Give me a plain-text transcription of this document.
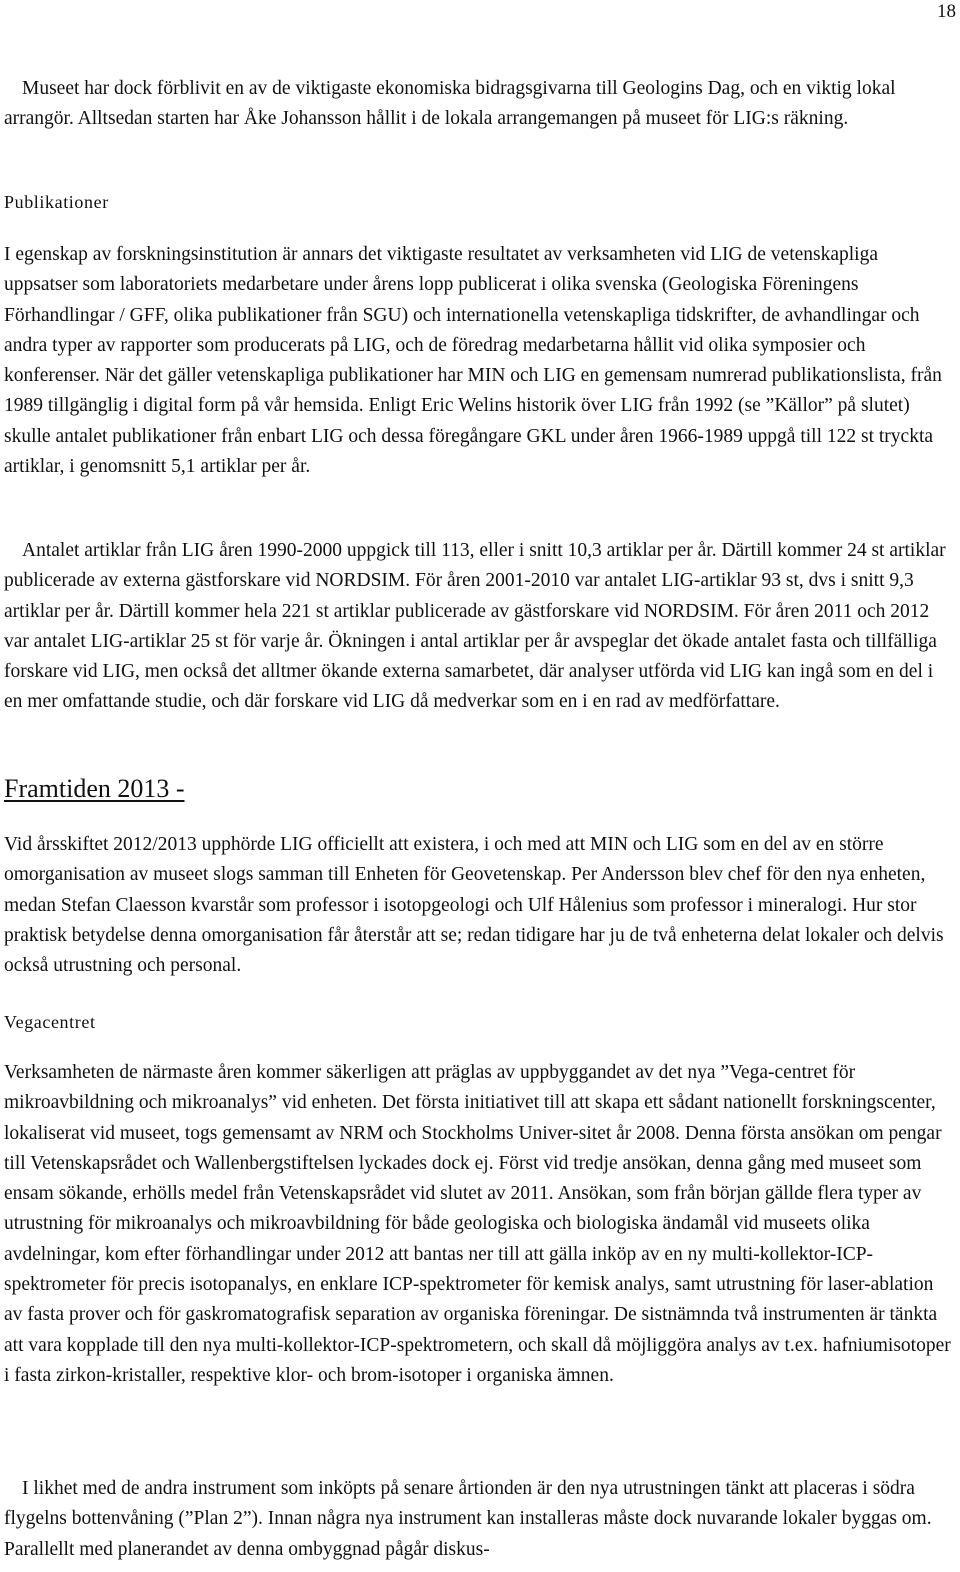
18

Museet har dock förblivit en av de viktigaste ekonomiska bidragsgivarna till Geologins Dag, och en viktig lokal arrangör. Alltsedan starten har Åke Johansson hållit i de lokala arrangemangen på museet för LIG:s räkning.

Publikationer

I egenskap av forskningsinstitution är annars det viktigaste resultatet av verksamheten vid LIG de vetenskapliga uppsatser som laboratoriets medarbetare under årens lopp publicerat i olika svenska (Geologiska Föreningens Förhandlingar / GFF, olika publikationer från SGU) och internationella vetenskapliga tidskrifter, de avhandlingar och andra typer av rapporter som producerats på LIG, och de föredrag medarbetarna hållit vid olika symposier och konferenser. När det gäller vetenskapliga publikationer har MIN och LIG en gemensam numrerad publikationslista, från 1989 tillgänglig i digital form på vår hemsida. Enligt Eric Welins historik över LIG från 1992 (se ”Källor” på slutet) skulle antalet publikationer från enbart LIG och dessa föregångare GKL under åren 1966-1989 uppgå till 122 st tryckta artiklar, i genomsnitt 5,1 artiklar per år.

Antalet artiklar från LIG åren 1990-2000 uppgick till 113, eller i snitt 10,3 artiklar per år. Därtill kommer 24 st artiklar publicerade av externa gästforskare vid NORDSIM. För åren 2001-2010 var antalet LIG-artiklar 93 st, dvs i snitt 9,3 artiklar per år. Därtill kommer hela 221 st artiklar publicerade av gästforskare vid NORDSIM. För åren 2011 och 2012 var antalet LIG-artiklar 25 st för varje år. Ökningen i antal artiklar per år avspeglar det ökade antalet fasta och tillfälliga forskare vid LIG, men också det alltmer ökande externa samarbetet, där analyser utförda vid LIG kan ingå som en del i en mer omfattande studie, och där forskare vid LIG då medverkar som en i en rad av medförfattare.

Framtiden 2013 -

Vid årsskiftet 2012/2013 upphörde LIG officiellt att existera, i och med att MIN och LIG som en del av en större omorganisation av museet slogs samman till Enheten för Geovetenskap. Per Andersson blev chef för den nya enheten, medan Stefan Claesson kvarstår som professor i isotopgeologi och Ulf Hålenius som professor i mineralogi. Hur stor praktisk betydelse denna omorganisation får återstår att se; redan tidigare har ju de två enheterna delat lokaler och delvis också utrustning och personal.

Vegacentret

Verksamheten de närmaste åren kommer säkerligen att präglas av uppbyggandet av det nya ”Vega-centret för mikroavbildning och mikroanalys” vid enheten. Det första initiativet till att skapa ett sådant nationellt forskningscenter, lokaliserat vid museet, togs gemensamt av NRM och Stockholms Univer-sitet år 2008. Denna första ansökan om pengar till Vetenskapsrådet och Wallenbergstiftelsen lyckades dock ej. Först vid tredje ansökan, denna gång med museet som ensam sökande, erhölls medel från Vetenskapsrådet vid slutet av 2011. Ansökan, som från början gällde flera typer av utrustning för mikroanalys och mikroavbildning för både geologiska och biologiska ändamål vid museets olika avdelningar, kom efter förhandlingar under 2012 att bantas ner till att gälla inköp av en ny multi-kollektor-ICP-spektrometer för precis isotopanalys, en enklare ICP-spektrometer för kemisk analys, samt utrustning för laser-ablation av fasta prover och för gaskromatografisk separation av organiska föreningar. De sistnämnda två instrumenten är tänkta att vara kopplade till den nya multi-kollektor-ICP-spektrometern, och skall då möjliggöra analys av t.ex. hafniumisotoper i fasta zirkon-kristaller, respektive klor- och brom-isotoper i organiska ämnen.

I likhet med de andra instrument som inköpts på senare årtionden är den nya utrustningen tänkt att placeras i södra flygelns bottenvåning (”Plan 2”). Innan några nya instrument kan installeras måste dock nuvarande lokaler byggas om. Parallellt med planerandet av denna ombyggnad pågår diskus-
